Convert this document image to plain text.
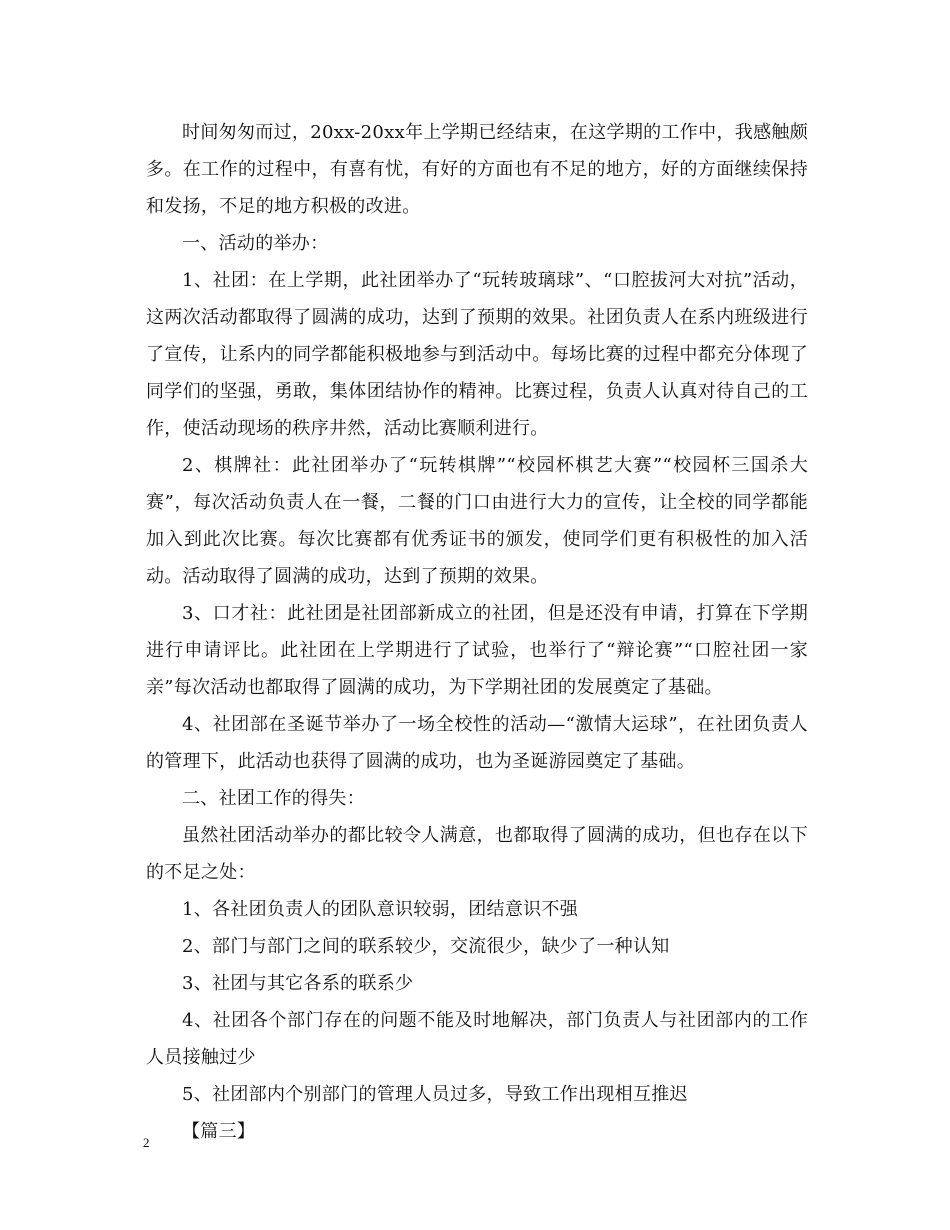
时间匆匆而过，20xx-20xx年上学期已经结束，在这学期的工作中，我感触颇多。在工作的过程中，有喜有忧，有好的方面也有不足的地方，好的方面继续保持和发扬，不足的地方积极的改进。

一、活动的举办：

1、社团：在上学期，此社团举办了“玩转玻璃球”、“口腔拔河大对抗”活动，这两次活动都取得了圆满的成功，达到了预期的效果。社团负责人在系内班级进行了宣传，让系内的同学都能积极地参与到活动中。每场比赛的过程中都充分体现了同学们的坚强，勇敢，集体团结协作的精神。比赛过程，负责人认真对待自己的工作，使活动现场的秩序井然，活动比赛顺利进行。

2、棋牌社：此社团举办了“玩转棋牌”“校园杯棋艺大赛”“校园杯三国杀大赛”，每次活动负责人在一餐，二餐的门口由进行大力的宣传，让全校的同学都能加入到此次比赛。每次比赛都有优秀证书的颁发，使同学们更有积极性的加入活动。活动取得了圆满的成功，达到了预期的效果。

3、口才社：此社团是社团部新成立的社团，但是还没有申请，打算在下学期进行申请评比。此社团在上学期进行了试验，也举行了“辩论赛”“口腔社团一家亲”每次活动也都取得了圆满的成功，为下学期社团的发展奠定了基础。

4、社团部在圣诞节举办了一场全校性的活动—“激情大运球”，在社团负责人的管理下，此活动也获得了圆满的成功，也为圣诞游园奠定了基础。

二、社团工作的得失：

虽然社团活动举办的都比较令人满意，也都取得了圆满的成功，但也存在以下的不足之处：

1、各社团负责人的团队意识较弱，团结意识不强

2、部门与部门之间的联系较少，交流很少，缺少了一种认知

3、社团与其它各系的联系少

4、社团各个部门存在的问题不能及时地解决，部门负责人与社团部内的工作人员接触过少

5、社团部内个别部门的管理人员过多，导致工作出现相互推迟

【篇三】

2
